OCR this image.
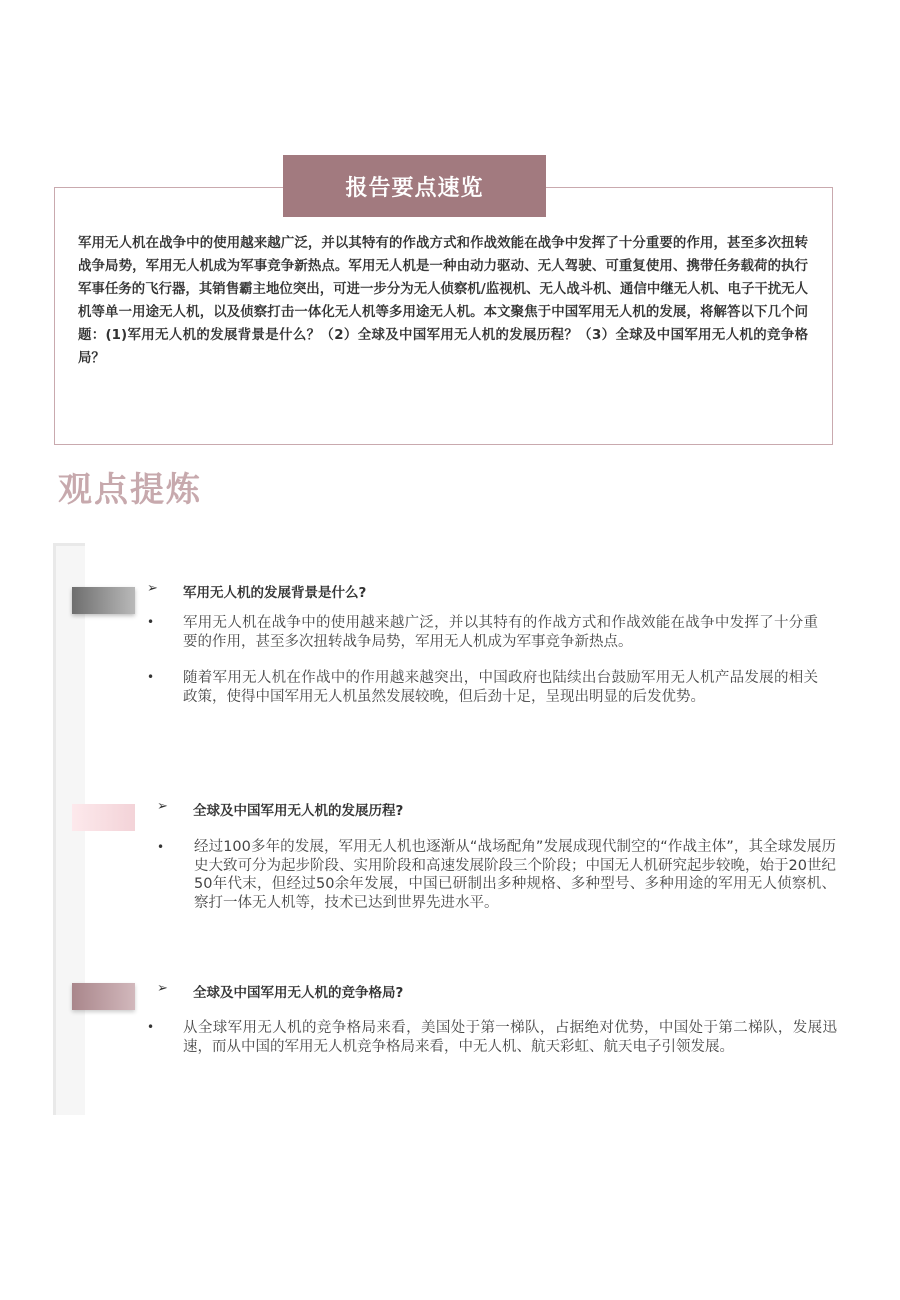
报告要点速览
军用无人机在战争中的使用越来越广泛，并以其特有的作战方式和作战效能在战争中发挥了十分重要的作用，甚至多次扭转战争局势，军用无人机成为军事竞争新热点。军用无人机是一种由动力驱动、无人驾驶、可重复使用、携带任务载荷的执行军事任务的飞行器，其销售霸主地位突出，可进一步分为无人侦察机/监视机、无人战斗机、通信中继无人机、电子干扰无人机等单一用途无人机，以及侦察打击一体化无人机等多用途无人机。本文聚焦于中国军用无人机的发展，将解答以下几个问题：(1)军用无人机的发展背景是什么？（2）全球及中国军用无人机的发展历程？（3）全球及中国军用无人机的竞争格局？
观点提炼
➢ 军用无人机的发展背景是什么?
• 军用无人机在战争中的使用越来越广泛，并以其特有的作战方式和作战效能在战争中发挥了十分重要的作用，甚至多次扭转战争局势，军用无人机成为军事竞争新热点。
• 随着军用无人机在作战中的作用越来越突出，中国政府也陆续出台鼓励军用无人机产品发展的相关政策，使得中国军用无人机虽然发展较晚，但后劲十足，呈现出明显的后发优势。
➢ 全球及中国军用无人机的发展历程?
• 经过100多年的发展，军用无人机也逐渐从“战场配角”发展成现代制空的“作战主体”，其全球发展历史大致可分为起步阶段、实用阶段和高速发展阶段三个阶段；中国无人机研究起步较晚，始于20世纪50年代末，但经过50余年发展，中国已研制出多种规格、多种型号、多种用途的军用无人侦察机、察打一体无人机等，技术已达到世界先进水平。
➢ 全球及中国军用无人机的竞争格局?
• 从全球军用无人机的竞争格局来看，美国处于第一梯队，占据绝对优势，中国处于第二梯队，发展迅速，而从中国的军用无人机竞争格局来看，中无人机、航天彩虹、航天电子引领发展。
